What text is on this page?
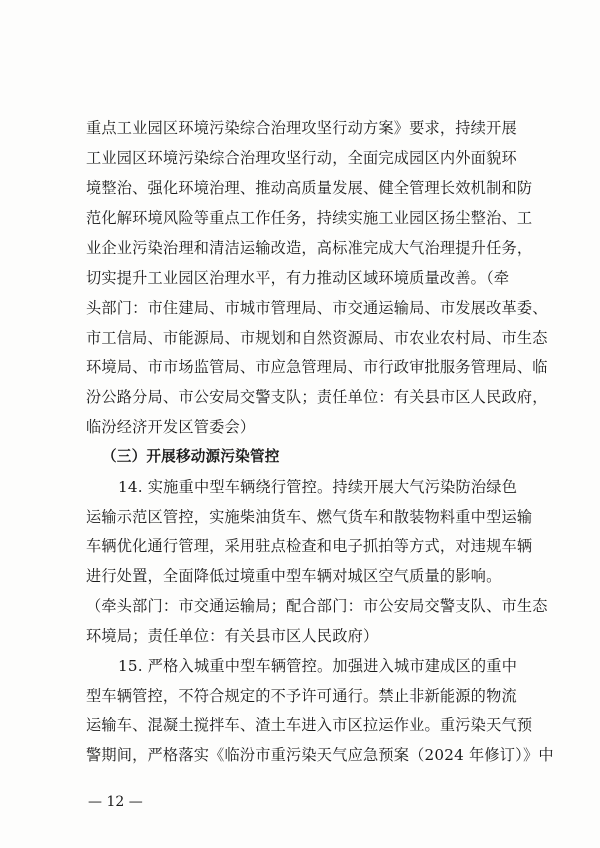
重点工业园区环境污染综合治理攻坚行动方案》要求，持续开展
工业园区环境污染综合治理攻坚行动，全面完成园区内外面貌环
境整治、强化环境治理、推动高质量发展、健全管理长效机制和防
范化解环境风险等重点工作任务，持续实施工业园区扬尘整治、工
业企业污染治理和清洁运输改造，高标准完成大气治理提升任务，
切实提升工业园区治理水平，有力推动区域环境质量改善。（牵
头部门：市住建局、市城市管理局、市交通运输局、市发展改革委、
市工信局、市能源局、市规划和自然资源局、市农业农村局、市生态
环境局、市市场监管局、市应急管理局、市行政审批服务管理局、临
汾公路分局、市公安局交警支队；责任单位：有关县市区人民政府，
临汾经济开发区管委会）
（三）开展移动源污染管控
14. 实施重中型车辆绕行管控。持续开展大气污染防治绿色
运输示范区管控，实施柴油货车、燃气货车和散装物料重中型运输
车辆优化通行管理，采用驻点检查和电子抓拍等方式，对违规车辆
进行处置，全面降低过境重中型车辆对城区空气质量的影响。
（牵头部门：市交通运输局；配合部门：市公安局交警支队、市生态
环境局；责任单位：有关县市区人民政府）
15. 严格入城重中型车辆管控。加强进入城市建成区的重中
型车辆管控，不符合规定的不予许可通行。禁止非新能源的物流
运输车、混凝土搅拌车、渣土车进入市区拉运作业。重污染天气预
警期间，严格落实《临汾市重污染天气应急预案（2024 年修订）》中
— 12 —
